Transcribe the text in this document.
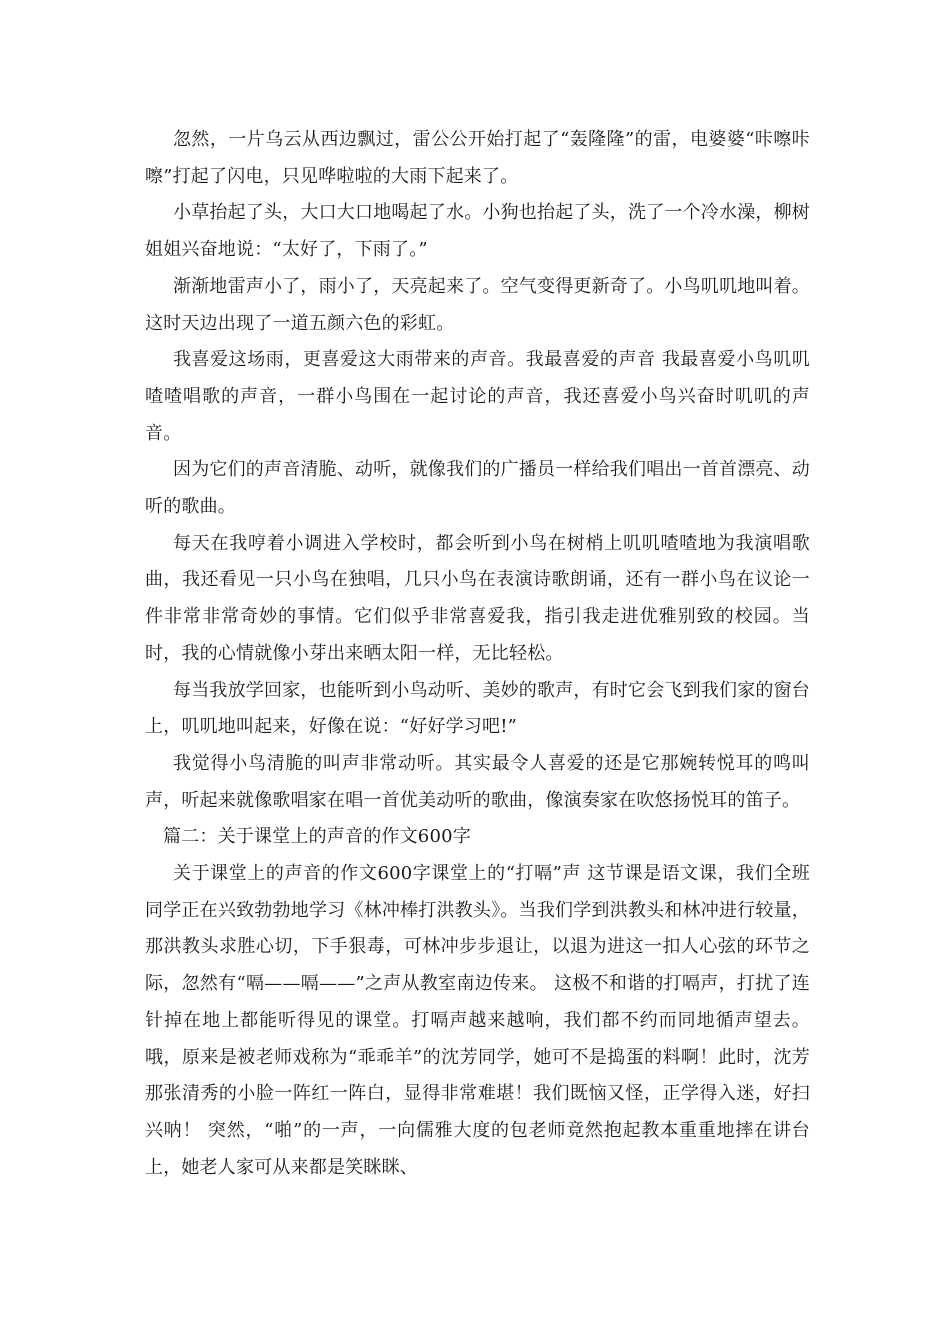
忽然，一片乌云从西边飘过，雷公公开始打起了“轰隆隆”的雷，电婆婆“咔嚓咔嚓”打起了闪电，只见哗啦啦的大雨下起来了。

小草抬起了头，大口大口地喝起了水。小狗也抬起了头，洗了一个冷水澡，柳树姐姐兴奋地说：“太好了，下雨了。”

渐渐地雷声小了，雨小了，天亮起来了。空气变得更新奇了。小鸟叽叽地叫着。这时天边出现了一道五颜六色的彩虹。

我喜爱这场雨，更喜爱这大雨带来的声音。我最喜爱的声音 我最喜爱小鸟叽叽喳喳唱歌的声音，一群小鸟围在一起讨论的声音，我还喜爱小鸟兴奋时叽叽的声音。

因为它们的声音清脆、动听，就像我们的广播员一样给我们唱出一首首漂亮、动听的歌曲。

每天在我哼着小调进入学校时，都会听到小鸟在树梢上叽叽喳喳地为我演唱歌曲，我还看见一只小鸟在独唱，几只小鸟在表演诗歌朗诵，还有一群小鸟在议论一件非常非常奇妙的事情。它们似乎非常喜爱我，指引我走进优雅别致的校园。当时，我的心情就像小芽出来晒太阳一样，无比轻松。

每当我放学回家，也能听到小鸟动听、美妙的歌声，有时它会飞到我们家的窗台上，叽叽地叫起来，好像在说：“好好学习吧!”

我觉得小鸟清脆的叫声非常动听。其实最令人喜爱的还是它那婉转悦耳的鸣叫声，听起来就像歌唱家在唱一首优美动听的歌曲，像演奏家在吹悠扬悦耳的笛子。

篇二：关于课堂上的声音的作文600字

关于课堂上的声音的作文600字课堂上的“打嗝”声 这节课是语文课，我们全班同学正在兴致勃勃地学习《林冲棒打洪教头》。当我们学到洪教头和林冲进行较量，那洪教头求胜心切，下手狠毒，可林冲步步退让，以退为进这一扣人心弦的环节之际，忽然有“嗝——嗝——”之声从教室南边传来。 这极不和谐的打嗝声，打扰了连针掉在地上都能听得见的课堂。打嗝声越来越响，我们都不约而同地循声望去。哦，原来是被老师戏称为“乖乖羊”的沈芳同学，她可不是捣蛋的料啊！此时，沈芳那张清秀的小脸一阵红一阵白，显得非常难堪！我们既恼又怪，正学得入迷，好扫兴呐！ 突然，“啪”的一声，一向儒雅大度的包老师竟然抱起教本重重地摔在讲台上，她老人家可从来都是笑眯眯、
